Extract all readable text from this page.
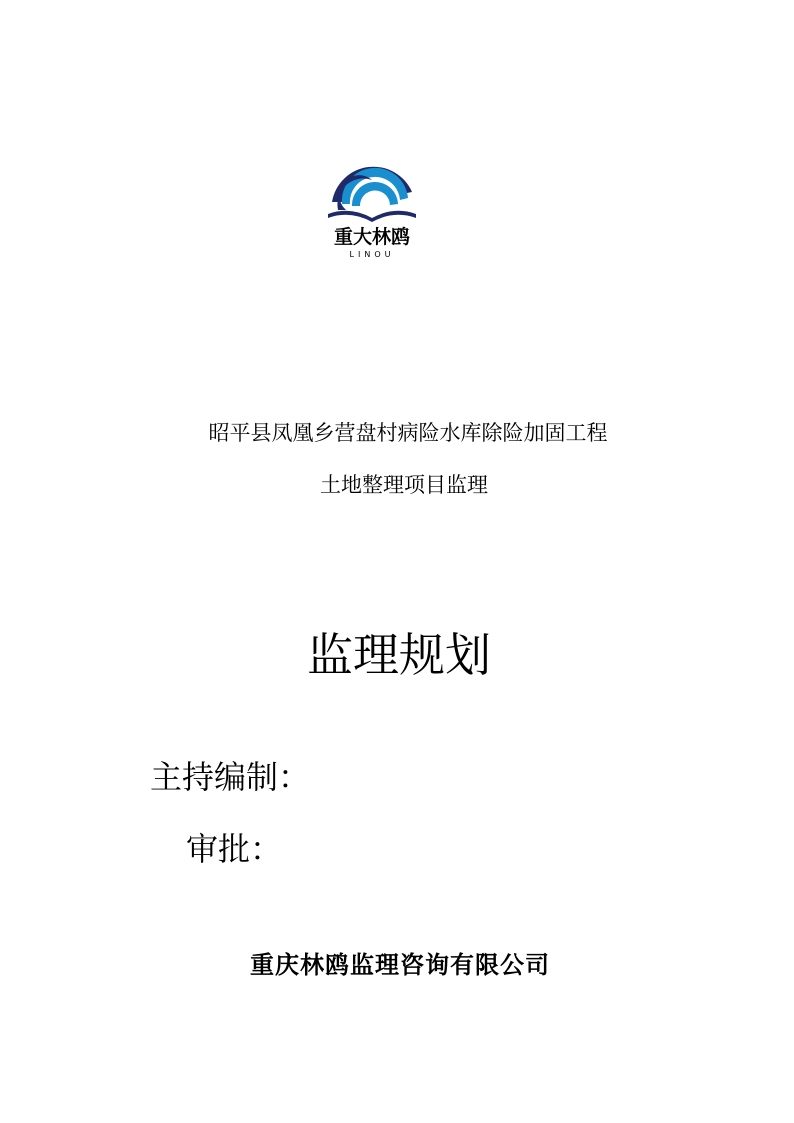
重大林鸥
LINOU
昭平县凤凰乡营盘村病险水库除险加固工程
土地整理项目监理
监理规划
主持编制：
审批：
重庆林鸥监理咨询有限公司
